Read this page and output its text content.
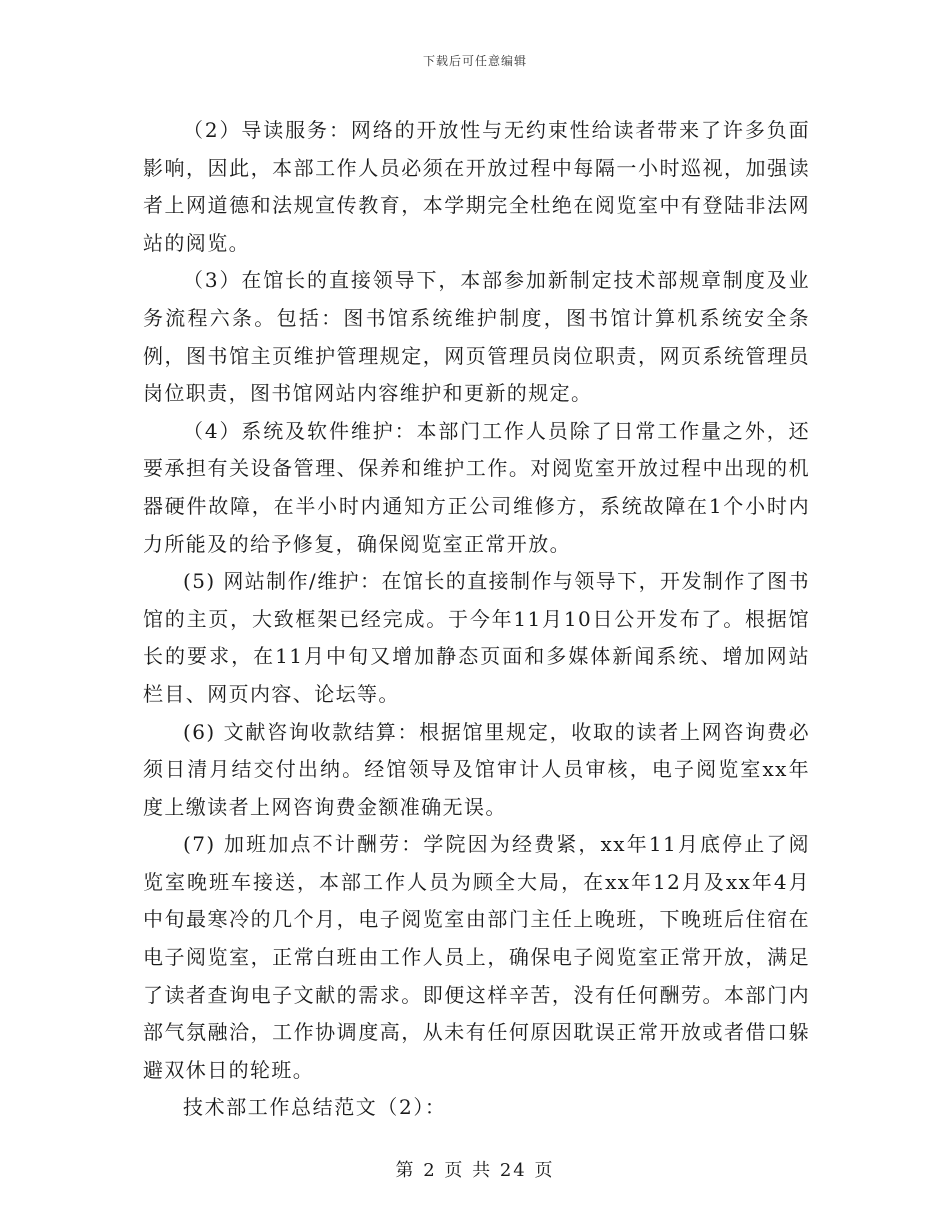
下载后可任意编辑

（2）导读服务：网络的开放性与无约束性给读者带来了许多负面影响，因此，本部工作人员必须在开放过程中每隔一小时巡视，加强读者上网道德和法规宣传教育，本学期完全杜绝在阅览室中有登陆非法网站的阅览。

（3）在馆长的直接领导下，本部参加新制定技术部规章制度及业务流程六条。包括：图书馆系统维护制度，图书馆计算机系统安全条例，图书馆主页维护管理规定，网页管理员岗位职责，网页系统管理员岗位职责，图书馆网站内容维护和更新的规定。

（4）系统及软件维护：本部门工作人员除了日常工作量之外，还要承担有关设备管理、保养和维护工作。对阅览室开放过程中出现的机器硬件故障，在半小时内通知方正公司维修方，系统故障在1个小时内力所能及的给予修复，确保阅览室正常开放。

(5) 网站制作/维护：在馆长的直接制作与领导下，开发制作了图书馆的主页，大致框架已经完成。于今年11月10日公开发布了。根据馆长的要求，在11月中旬又增加静态页面和多媒体新闻系统、增加网站栏目、网页内容、论坛等。

(6) 文献咨询收款结算：根据馆里规定，收取的读者上网咨询费必须日清月结交付出纳。经馆领导及馆审计人员审核，电子阅览室xx年度上缴读者上网咨询费金额准确无误。

(7) 加班加点不计酬劳：学院因为经费紧，xx年11月底停止了阅览室晚班车接送，本部工作人员为顾全大局，在xx年12月及xx年4月中旬最寒冷的几个月，电子阅览室由部门主任上晚班，下晚班后住宿在电子阅览室，正常白班由工作人员上，确保电子阅览室正常开放，满足了读者查询电子文献的需求。即便这样辛苦，没有任何酬劳。本部门内部气氛融洽，工作协调度高，从未有任何原因耽误正常开放或者借口躲避双休日的轮班。

技术部工作总结范文（2）：

第 2 页 共 24 页
